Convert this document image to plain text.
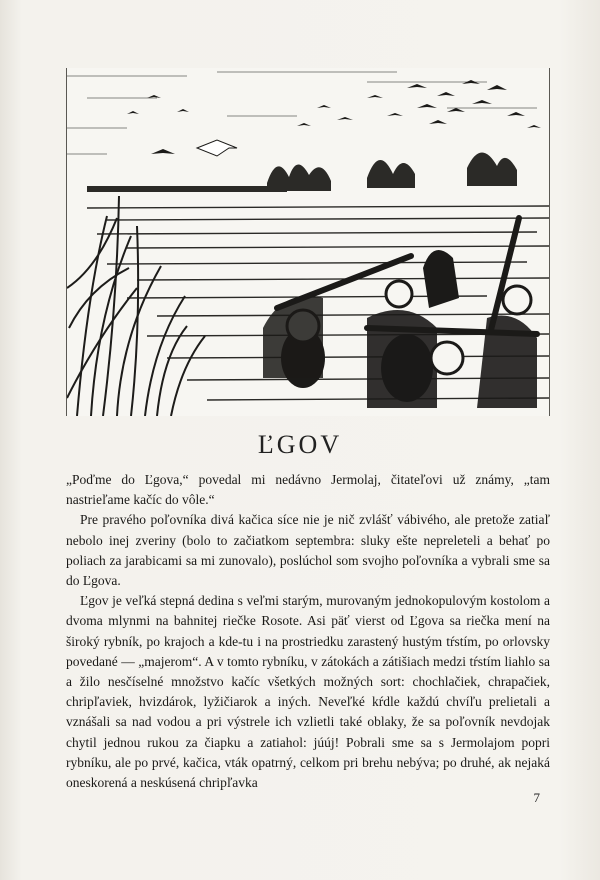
ĽGOV

„Poďme do Ľgova,“ povedal mi nedávno Jermolaj, čitateľovi už známy, „tam nastrieľame kačíc do vôle.“

Pre pravého poľovníka divá kačica síce nie je nič zvlášť vábivého, ale pretože zatiaľ nebolo inej zveriny (bolo to začiatkom septembra: sluky ešte nepreleteli a behať po poliach za jarabicami sa mi zunovalo), poslúchol som svojho poľovníka a vybrali sme sa do Ľgova.

Ľgov je veľká stepná dedina s veľmi starým, murovaným jednokopulovým kostolom a dvoma mlynmi na bahnitej riečke Rosote. Asi päť vierst od Ľgova sa riečka mení na široký rybník, po krajoch a kde-tu i na prostriedku zarastený hustým tŕstím, po orlovsky povedané — „majerom“. A v tomto rybníku, v zátokách a zátišiach medzi tŕstím liahlo sa a žilo nesčíselné množstvo kačíc všetkých možných sort: chochlačiek, chrapačiek, chripľaviek, hvizdárok, lyžičiarok a iných. Neveľké kŕdle každú chvíľu prelietali a vznášali sa nad vodou a pri výstrele ich vzlietli také oblaky, že sa poľovník nevdojak chytil jednou rukou za čiapku a zatiahol: júúj! Pobrali sme sa s Jermolajom popri rybníku, ale po prvé, kačica, vták opatrný, celkom pri brehu nebýva; po druhé, ak nejaká oneskorená a neskúsená chripľavka

7
